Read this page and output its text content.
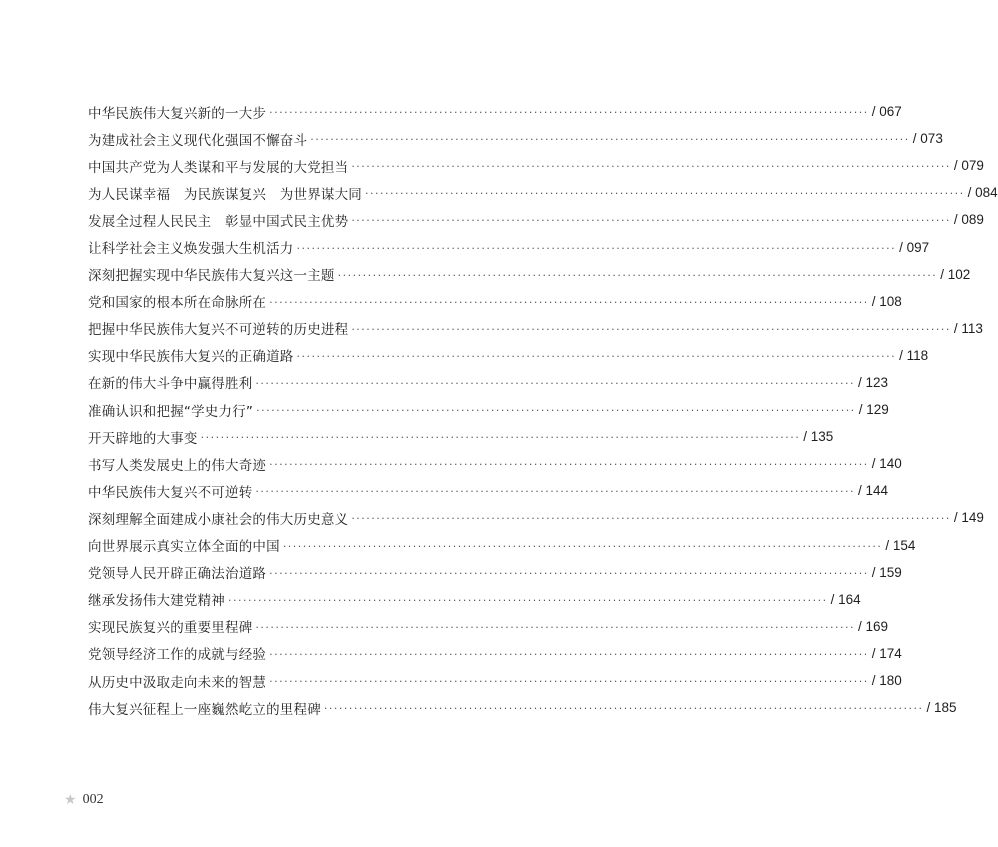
中华民族伟大复兴新的一大步 ························································································································ / 067
为建成社会主义现代化强国不懈奋斗 ························································································································ / 073
中国共产党为人类谋和平与发展的大党担当 ························································································································ / 079
为人民谋幸福　为民族谋复兴　为世界谋大同 ························································································································ / 084
发展全过程人民民主　彰显中国式民主优势 ························································································································ / 089
让科学社会主义焕发强大生机活力 ························································································································ / 097
深刻把握实现中华民族伟大复兴这一主题 ························································································································ / 102
党和国家的根本所在命脉所在 ························································································································ / 108
把握中华民族伟大复兴不可逆转的历史进程 ························································································································ / 113
实现中华民族伟大复兴的正确道路 ························································································································ / 118
在新的伟大斗争中赢得胜利 ························································································································ / 123
准确认识和把握“学史力行” ························································································································ / 129
开天辟地的大事变 ························································································································ / 135
书写人类发展史上的伟大奇迹 ························································································································ / 140
中华民族伟大复兴不可逆转 ························································································································ / 144
深刻理解全面建成小康社会的伟大历史意义 ························································································································ / 149
向世界展示真实立体全面的中国 ························································································································ / 154
党领导人民开辟正确法治道路 ························································································································ / 159
继承发扬伟大建党精神 ························································································································ / 164
实现民族复兴的重要里程碑 ························································································································ / 169
党领导经济工作的成就与经验 ························································································································ / 174
从历史中汲取走向未来的智慧 ························································································································ / 180
伟大复兴征程上一座巍然屹立的里程碑 ························································································································ / 185
★ 002
